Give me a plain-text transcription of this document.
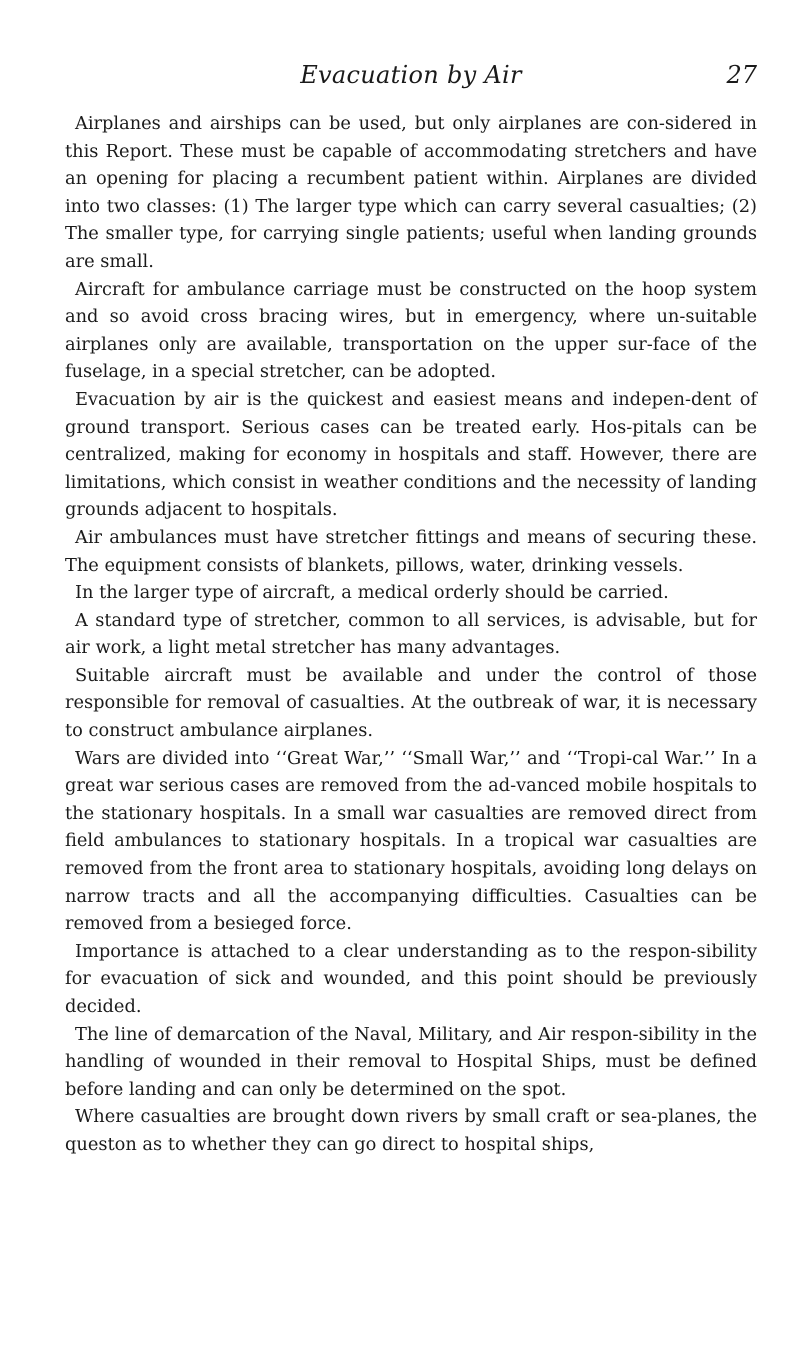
Evacuation by Air	27

Airplanes and airships can be used, but only airplanes are con-sidered in this Report. These must be capable of accommodating stretchers and have an opening for placing a recumbent patient within. Airplanes are divided into two classes: (1) The larger type which can carry several casualties; (2) The smaller type, for carrying single patients; useful when landing grounds are small.

Aircraft for ambulance carriage must be constructed on the hoop system and so avoid cross bracing wires, but in emergency, where un-suitable airplanes only are available, transportation on the upper sur-face of the fuselage, in a special stretcher, can be adopted.

Evacuation by air is the quickest and easiest means and indepen-dent of ground transport. Serious cases can be treated early. Hos-pitals can be centralized, making for economy in hospitals and staff. However, there are limitations, which consist in weather conditions and the necessity of landing grounds adjacent to hospitals.

Air ambulances must have stretcher fittings and means of securing these. The equipment consists of blankets, pillows, water, drinking vessels.

In the larger type of aircraft, a medical orderly should be carried.

A standard type of stretcher, common to all services, is advisable, but for air work, a light metal stretcher has many advantages.

Suitable aircraft must be available and under the control of those responsible for removal of casualties. At the outbreak of war, it is necessary to construct ambulance airplanes.

Wars are divided into ‘‘Great War,’’ ‘‘Small War,’’ and ‘‘Tropi-cal War.’’ In a great war serious cases are removed from the ad-vanced mobile hospitals to the stationary hospitals. In a small war casualties are removed direct from field ambulances to stationary hospitals. In a tropical war casualties are removed from the front area to stationary hospitals, avoiding long delays on narrow tracts and all the accompanying difficulties. Casualties can be removed from a besieged force.

Importance is attached to a clear understanding as to the respon-sibility for evacuation of sick and wounded, and this point should be previously decided.

The line of demarcation of the Naval, Military, and Air respon-sibility in the handling of wounded in their removal to Hospital Ships, must be defined before landing and can only be determined on the spot.

Where casualties are brought down rivers by small craft or sea-planes, the queston as to whether they can go direct to hospital ships,
